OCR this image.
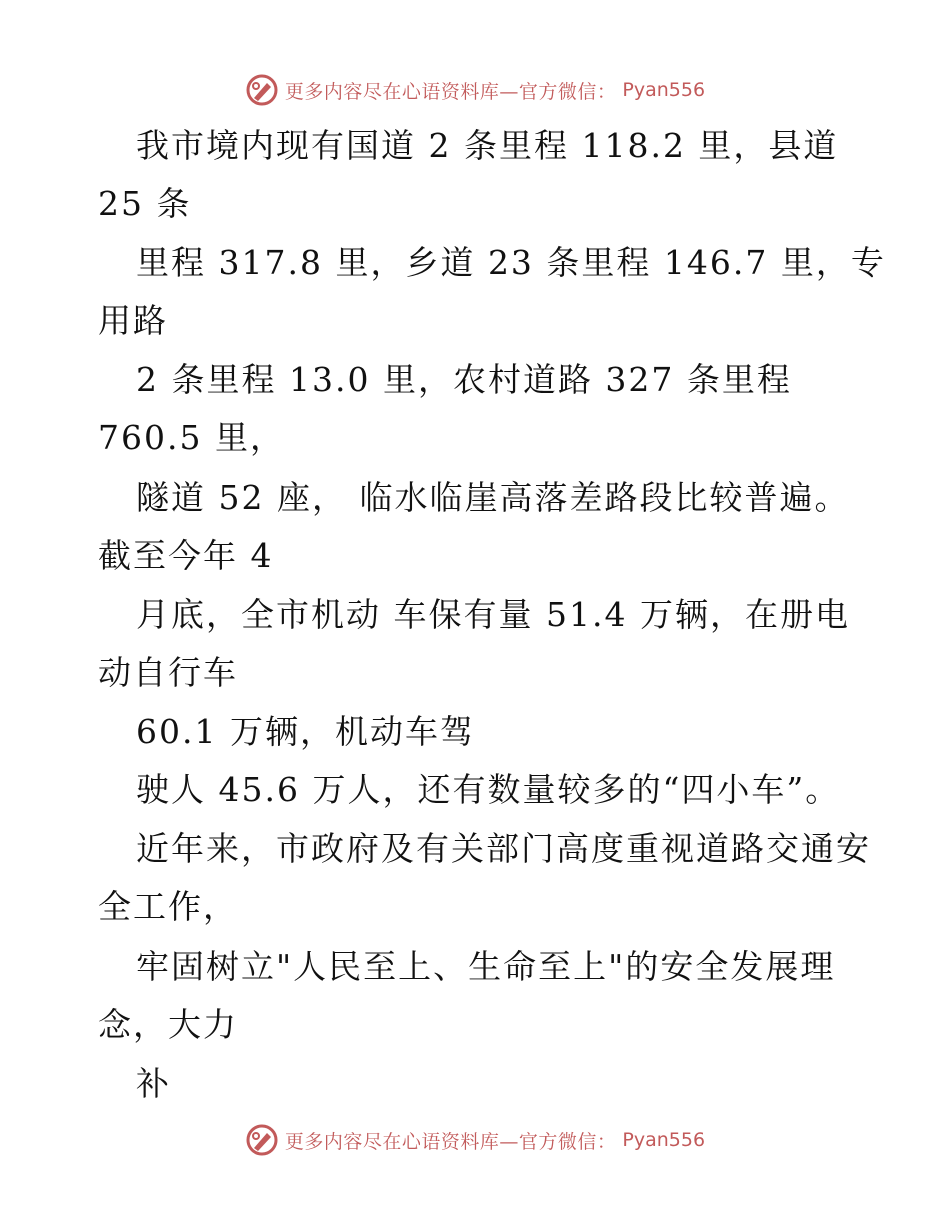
更多内容尽在心语资料库—官方微信： Pyan556
我市境内现有国道 2 条里程 118.2 里，县道
25 条
里程 317.8 里，乡道 23 条里程 146.7 里，专
用路
2 条里程 13.0 里，农村道路 327 条里程
760.5 里，
隧道 52 座， 临水临崖高落差路段比较普遍。
截至今年 4
月底，全市机动 车保有量 51.4 万辆，在册电
动自行车
60.1 万辆，机动车驾
驶人 45.6 万人，还有数量较多的“四小车”。
近年来，市政府及有关部门高度重视道路交通安
全工作，
牢固树立"人民至上、生命至上"的安全发展理
念，大力
补
更多内容尽在心语资料库—官方微信： Pyan556
